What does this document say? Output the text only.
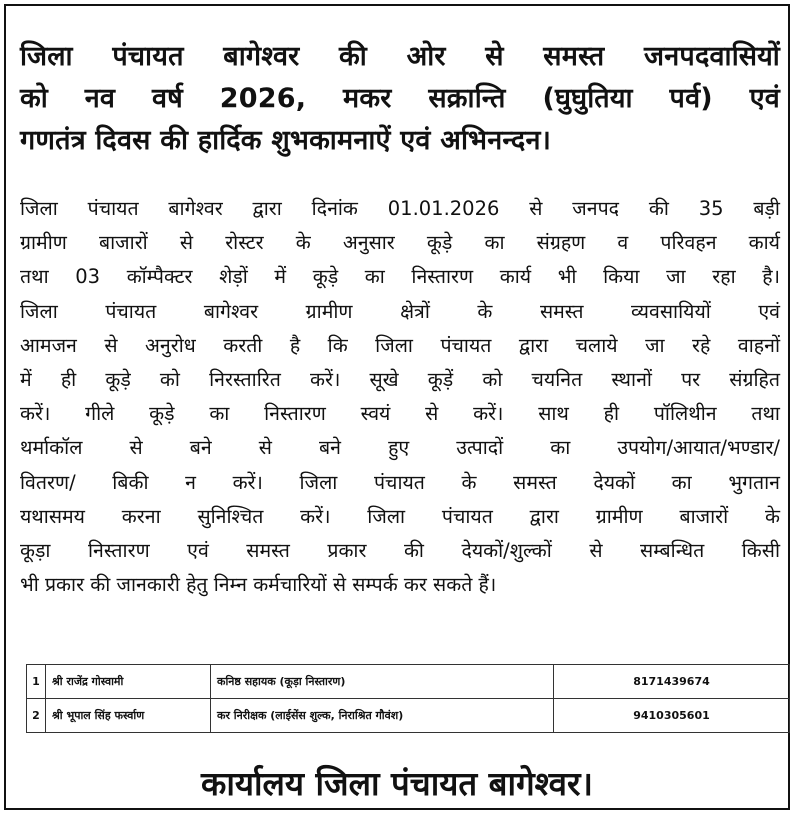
जिला पंचायत बागेश्वर की ओर से समस्त जनपदवासियों
को नव वर्ष 2026, मकर सक्रान्ति (घुघुतिया पर्व) एवं
गणतंत्र दिवस की हार्दिक शुभकामनाऐं एवं अभिनन्दन।
जिला पंचायत बागेश्वर द्वारा दिनांक 01.01.2026 से जनपद की 35 बड़ी
ग्रामीण बाजारों से रोस्टर के अनुसार कूड़े का संग्रहण व परिवहन कार्य
तथा 03 कॉम्पैक्टर शेड़ों में कूड़े का निस्तारण कार्य भी किया जा रहा है।
जिला पंचायत बागेश्वर ग्रामीण क्षेत्रों के समस्त व्यवसायियों एवं
आमजन से अनुरोध करती है कि जिला पंचायत द्वारा चलाये जा रहे वाहनों
में ही कूड़े को निरस्तारित करें। सूखे कूड़ें को चयनित स्थानों पर संग्रहित
करें। गीले कूड़े का निस्तारण स्वयं से करें। साथ ही पॉलिथीन तथा
थर्माकॉल से बने से बने हुए उत्पादों का उपयोग/आयात/भण्डार/
वितरण/ बिकी न करें। जिला पंचायत के समस्त देयकों का भुगतान
यथासमय करना सुनिश्चित करें। जिला पंचायत द्वारा ग्रामीण बाजारों के
कूड़ा निस्तारण एवं समस्त प्रकार की देयकों/शुल्कों से सम्बन्धित किसी
भी प्रकार की जानकारी हेतु निम्न कर्मचारियों से सम्पर्क कर सकते हैं।
1	श्री राजेंद्र गोस्वामी	कनिष्ठ सहायक (कूड़ा निस्तारण)	8171439674
2	श्री भूपाल सिंह फर्स्वाण	कर निरीक्षक (लाईसेंस शुल्क, निराश्रित गौवंश)	9410305601
कार्यालय जिला पंचायत बागेश्वर।
